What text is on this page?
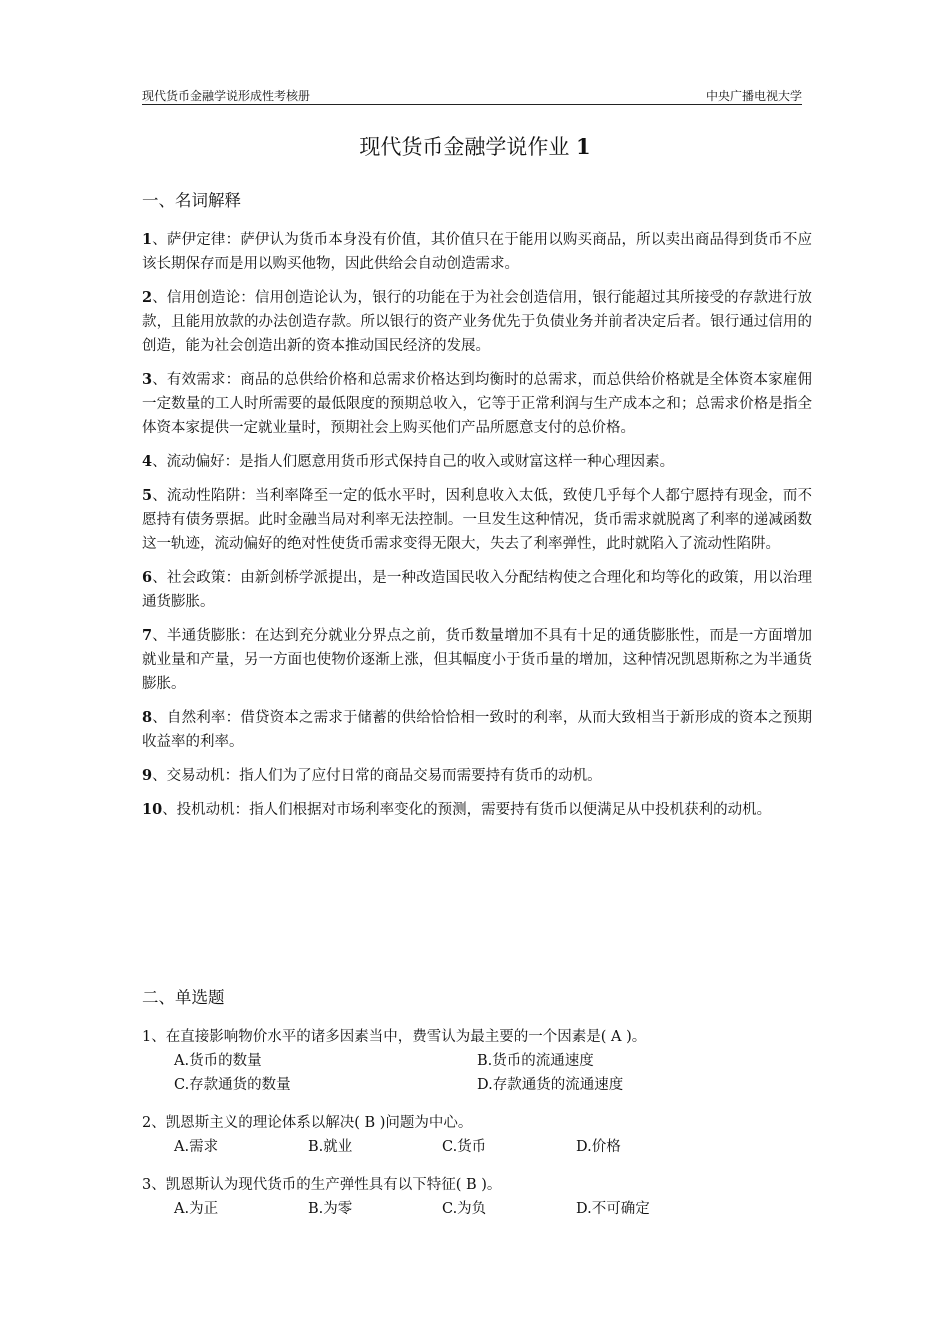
现代货币金融学说形成性考核册	中央广播电视大学
现代货币金融学说作业 1
一、名词解释

1、萨伊定律：萨伊认为货币本身没有价值，其价值只在于能用以购买商品，所以卖出商品得到货币不应该长期保存而是用以购买他物，因此供给会自动创造需求。

2、信用创造论：信用创造论认为，银行的功能在于为社会创造信用，银行能超过其所接受的存款进行放款，且能用放款的办法创造存款。所以银行的资产业务优先于负债业务并前者决定后者。银行通过信用的创造，能为社会创造出新的资本推动国民经济的发展。

3、有效需求：商品的总供给价格和总需求价格达到均衡时的总需求，而总供给价格就是全体资本家雇佣一定数量的工人时所需要的最低限度的预期总收入，它等于正常利润与生产成本之和；总需求价格是指全体资本家提供一定就业量时，预期社会上购买他们产品所愿意支付的总价格。

4、流动偏好：是指人们愿意用货币形式保持自己的收入或财富这样一种心理因素。

5、流动性陷阱：当利率降至一定的低水平时，因利息收入太低，致使几乎每个人都宁愿持有现金，而不愿持有债务票据。此时金融当局对利率无法控制。一旦发生这种情况，货币需求就脱离了利率的递减函数这一轨迹，流动偏好的绝对性使货币需求变得无限大，失去了利率弹性，此时就陷入了流动性陷阱。

6、社会政策：由新剑桥学派提出，是一种改造国民收入分配结构使之合理化和均等化的政策，用以治理通货膨胀。

7、半通货膨胀：在达到充分就业分界点之前，货币数量增加不具有十足的通货膨胀性，而是一方面增加就业量和产量，另一方面也使物价逐渐上涨，但其幅度小于货币量的增加，这种情况凯恩斯称之为半通货膨胀。

8、自然利率：借贷资本之需求于储蓄的供给恰恰相一致时的利率，从而大致相当于新形成的资本之预期收益率的利率。

9、交易动机：指人们为了应付日常的商品交易而需要持有货币的动机。

10、投机动机：指人们根据对市场利率变化的预测，需要持有货币以便满足从中投机获利的动机。

二、单选题
1、在直接影响物价水平的诸多因素当中，费雪认为最主要的一个因素是( A )。
A.货币的数量	B.货币的流通速度
C.存款通货的数量	D.存款通货的流通速度
2、凯恩斯主义的理论体系以解决( B )问题为中心。
A.需求	B.就业	C.货币	D.价格
3、凯恩斯认为现代货币的生产弹性具有以下特征( B )。
A.为正	B.为零	C.为负	D.不可确定
